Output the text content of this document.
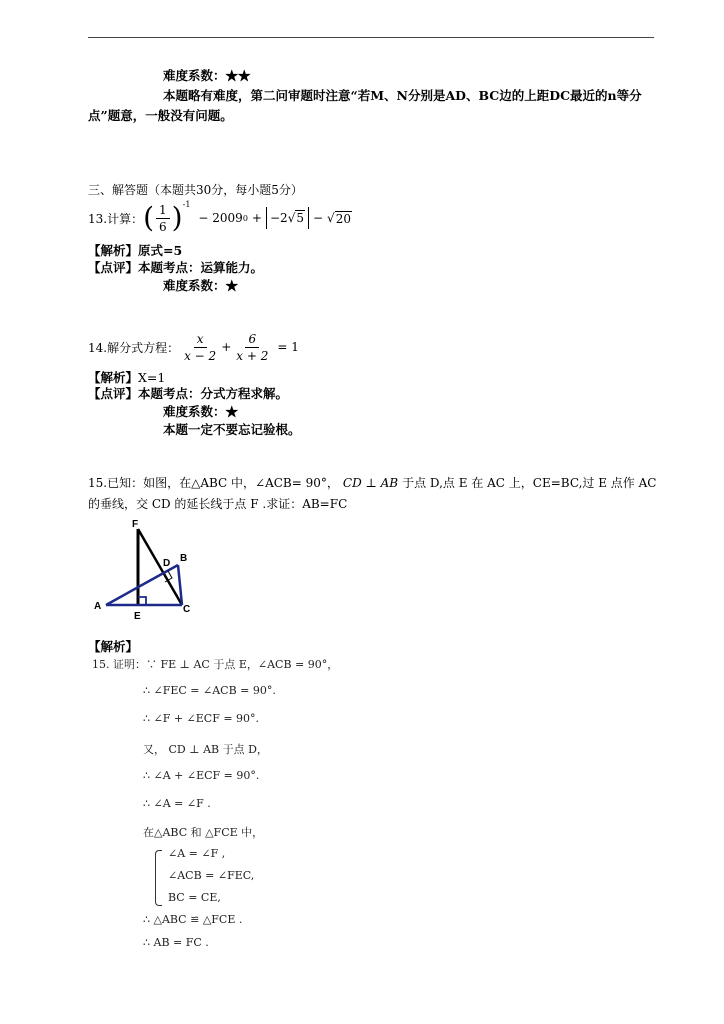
难度系数：★★
本题略有难度，第二问审题时注意“若M、N分别是AD、BC边的上距DC最近的n等分
点”题意，一般没有问题。
三、解答题（本题共30分，每小题5分）
13.计算： ( $\frac{1}{6}$ ) -1
− 2009 0 + −2√5 − √ 20
【解析】原式=5
【点评】本题考点：运算能力。
难度系数：★
14.解分式方程： $\frac{x}{x - 2} + \frac{6}{x + 2} = 1$
【解析】X=1
【点评】本题考点：分式方程求解。
难度系数：★
本题一定不要忘记验根。
15.已知：如图，在△ABC 中，∠ACB= 90°， CD ⊥ AB 于点 D,点 E 在 AC 上，CE=BC,过 E 点作 AC
的垂线，交 CD 的延长线于点 F .求证：AB=FC
F
B
D
A
E
C
【解析】
15. 证明：∵ FE ⊥ AC 于点 E，∠ACB = 90°，
∴ ∠FEC = ∠ACB = 90°.
∴ ∠F + ∠ECF = 90°.
又， CD ⊥ AB 于点 D，
∴ ∠A + ∠ECF = 90°.
∴ ∠A = ∠F .
在△ABC 和 △FCE 中，
∠A = ∠F ,
∠ACB = ∠FEC,
BC = CE,
∴ △ABC ≌ △FCE .
∴ AB = FC .
